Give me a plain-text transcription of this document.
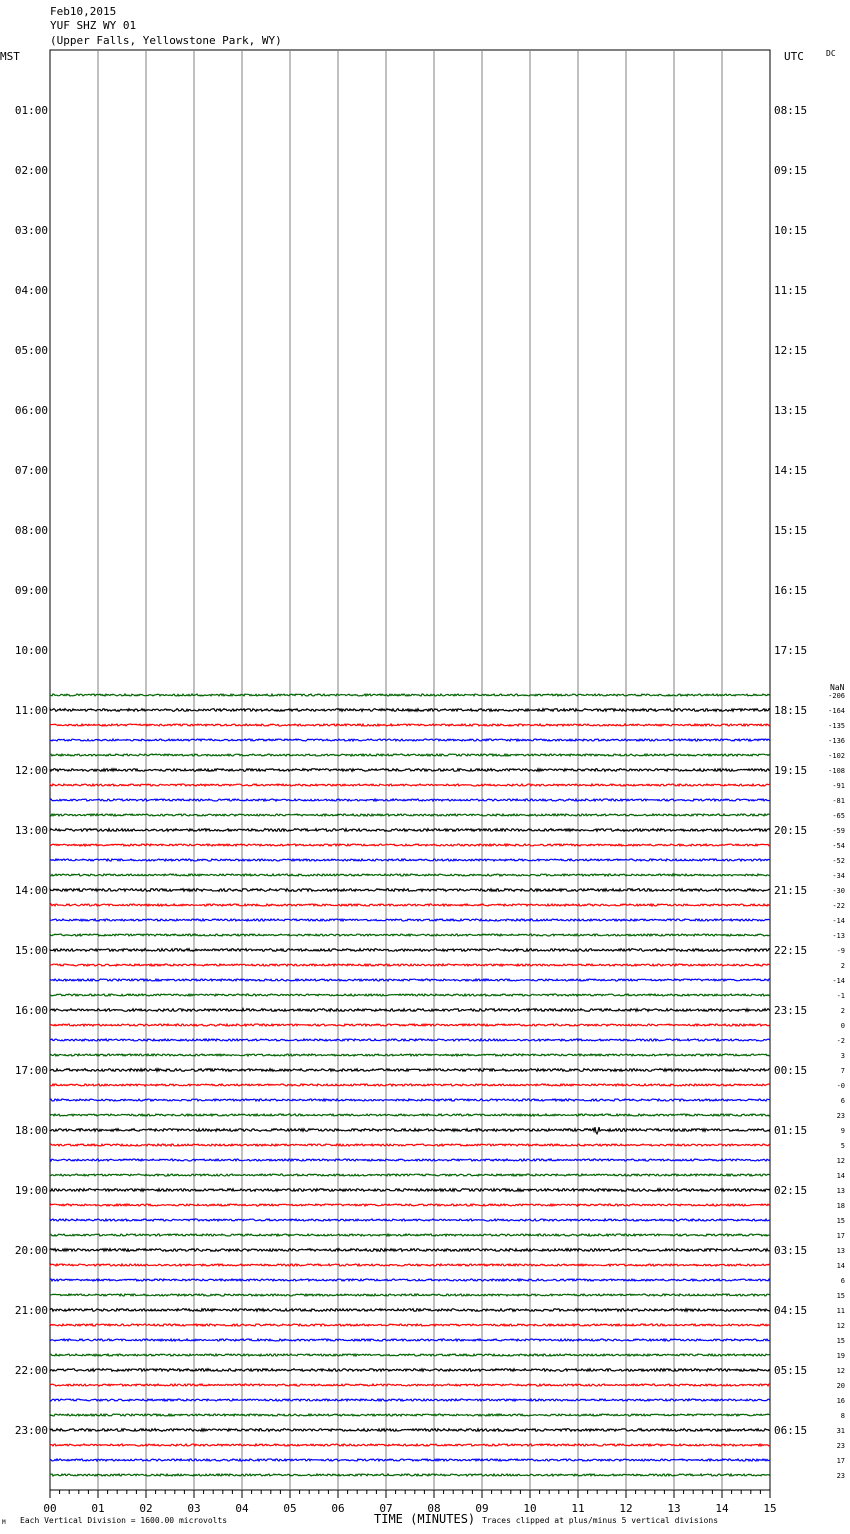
Feb10,2015
YUF SHZ WY 01
(Upper Falls, Yellowstone Park, WY)
MST	UTC	DC
NaN
Each Vertical Division = 1600.00 microvolts	TIME (MINUTES) Traces clipped at plus/minus 5 vertical divisions
M
00	01	02	03	04	05	06	07	08	09	10	11	12	13	14	15
01:00
02:00
03:00
04:00
05:00
06:00
07:00
08:00
09:00
10:00
11:00
12:00
13:00
14:00
15:00
16:00
17:00
18:00
19:00
20:00
21:00
22:00
23:00
08:15
09:15
10:15
11:15
12:15
13:15
14:15
15:15
16:15
17:15
18:15
19:15
20:15
21:15
22:15
23:15
00:15
01:15
02:15
03:15
04:15
05:15
06:15
-206
-164
-135
-136
-102
-108
-91
-81
-65
-59
-54
-52
-34
-30
-22
-14
-13
-9
2
-14
-1
2
0
-2
3
7
-0
6
23
9
5
12
14
13
18
15
17
13
14
6
15
11
12
15
19
12
20
16
8
31
23
17
23
